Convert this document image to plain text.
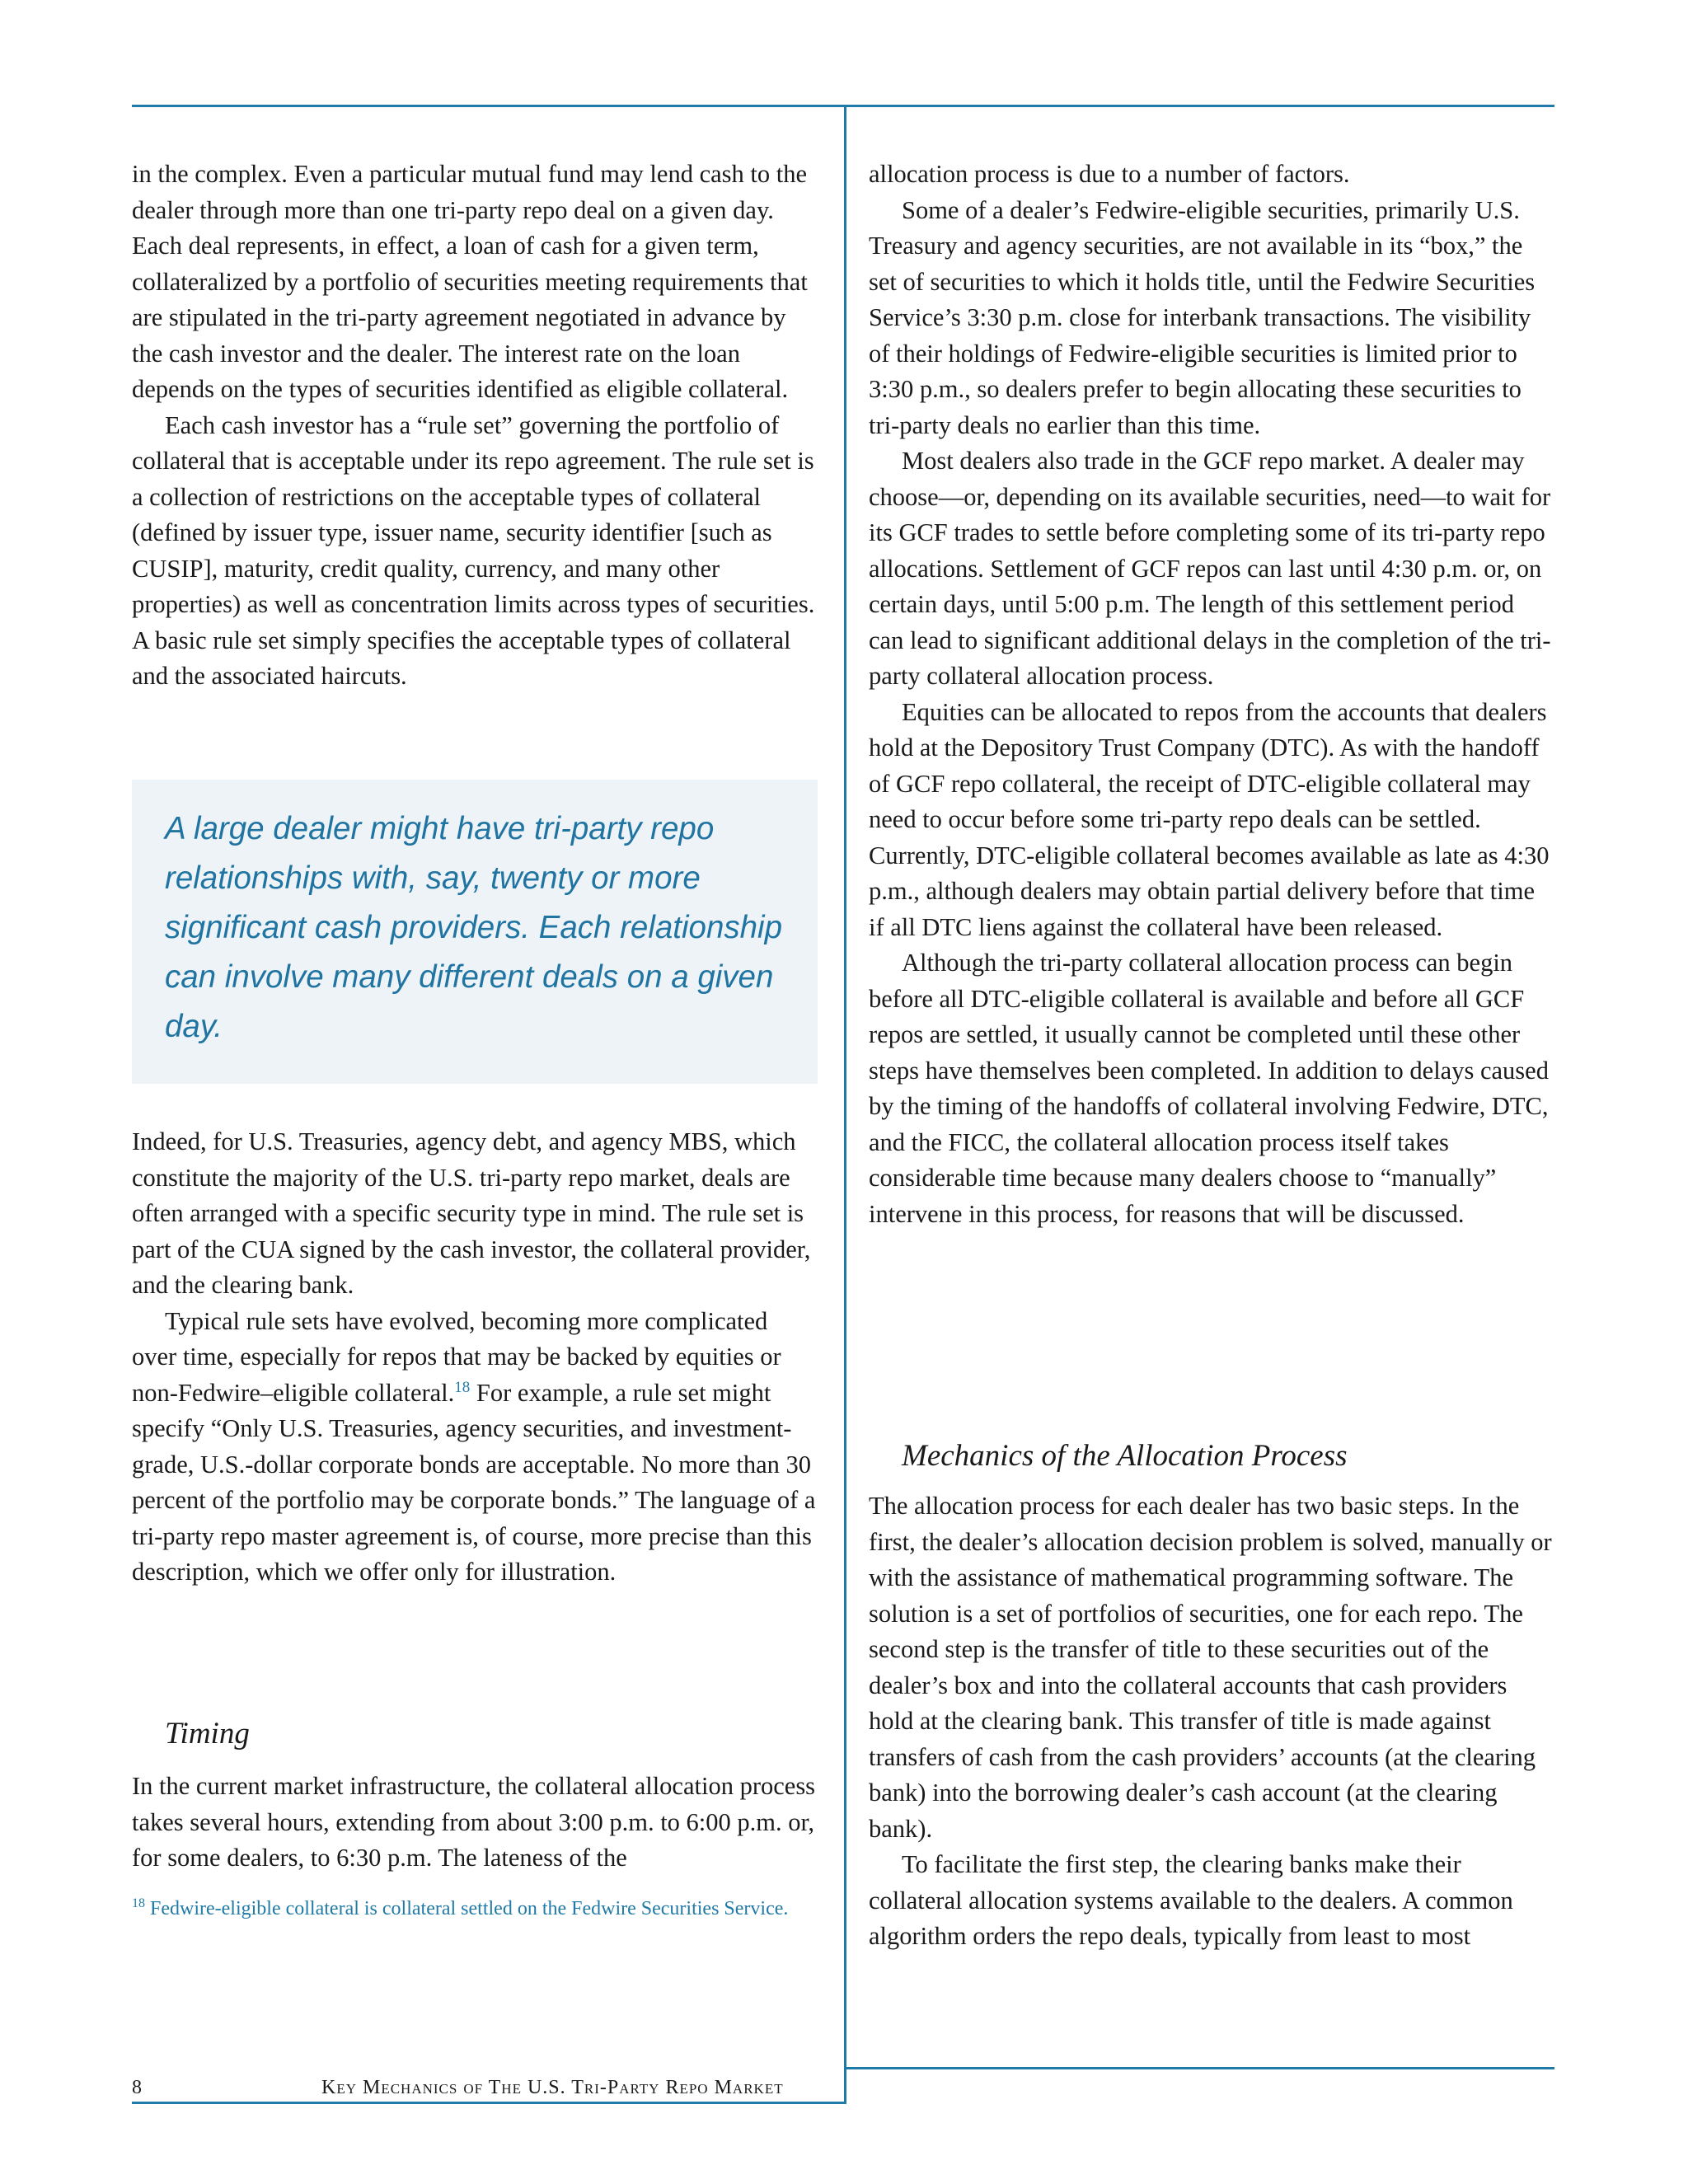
in the complex. Even a particular mutual fund may lend cash to the dealer through more than one tri-party repo deal on a given day. Each deal represents, in effect, a loan of cash for a given term, collateralized by a portfolio of securities meeting requirements that are stipulated in the tri-party agreement negotiated in advance by the cash investor and the dealer. The interest rate on the loan depends on the types of securities identified as eligible collateral.

Each cash investor has a “rule set” governing the portfolio of collateral that is acceptable under its repo agreement. The rule set is a collection of restrictions on the acceptable types of collateral (defined by issuer type, issuer name, security identifier [such as CUSIP], maturity, credit quality, currency, and many other properties) as well as concentration limits across types of securities. A basic rule set simply specifies the acceptable types of collateral and the associated haircuts.

A large dealer might have tri-party repo relationships with, say, twenty or more significant cash providers. Each relationship can involve many different deals on a given day.

Indeed, for U.S. Treasuries, agency debt, and agency MBS, which constitute the majority of the U.S. tri-party repo market, deals are often arranged with a specific security type in mind. The rule set is part of the CUA signed by the cash investor, the collateral provider, and the clearing bank.

Typical rule sets have evolved, becoming more complicated over time, especially for repos that may be backed by equities or non-Fedwire–eligible collateral.$^{18}$ For example, a rule set might specify “Only U.S. Treasuries, agency securities, and investment-grade, U.S.-dollar corporate bonds are acceptable. No more than 30 percent of the portfolio may be corporate bonds.” The language of a tri-party repo master agreement is, of course, more precise than this description, which we offer only for illustration.

Timing

In the current market infrastructure, the collateral allocation process takes several hours, extending from about 3:00 p.m. to 6:00 p.m. or, for some dealers, to 6:30 p.m. The lateness of the

$^{18}$ Fedwire-eligible collateral is collateral settled on the Fedwire Securities Service.

allocation process is due to a number of factors.

Some of a dealer’s Fedwire-eligible securities, primarily U.S. Treasury and agency securities, are not available in its “box,” the set of securities to which it holds title, until the Fedwire Securities Service’s 3:30 p.m. close for interbank transactions. The visibility of their holdings of Fedwire-eligible securities is limited prior to 3:30 p.m., so dealers prefer to begin allocating these securities to tri-party deals no earlier than this time.

Most dealers also trade in the GCF repo market. A dealer may choose—or, depending on its available securities, need—to wait for its GCF trades to settle before completing some of its tri-party repo allocations. Settlement of GCF repos can last until 4:30 p.m. or, on certain days, until 5:00 p.m. The length of this settlement period can lead to significant additional delays in the completion of the tri-party collateral allocation process.

Equities can be allocated to repos from the accounts that dealers hold at the Depository Trust Company (DTC). As with the handoff of GCF repo collateral, the receipt of DTC-eligible collateral may need to occur before some tri-party repo deals can be settled. Currently, DTC-eligible collateral becomes available as late as 4:30 p.m., although dealers may obtain partial delivery before that time if all DTC liens against the collateral have been released.

Although the tri-party collateral allocation process can begin before all DTC-eligible collateral is available and before all GCF repos are settled, it usually cannot be completed until these other steps have themselves been completed. In addition to delays caused by the timing of the handoffs of collateral involving Fedwire, DTC, and the FICC, the collateral allocation process itself takes considerable time because many dealers choose to “manually” intervene in this process, for reasons that will be discussed.

Mechanics of the Allocation Process

The allocation process for each dealer has two basic steps. In the first, the dealer’s allocation decision problem is solved, manually or with the assistance of mathematical programming software. The solution is a set of portfolios of securities, one for each repo. The second step is the transfer of title to these securities out of the dealer’s box and into the collateral accounts that cash providers hold at the clearing bank. This transfer of title is made against transfers of cash from the cash providers’ accounts (at the clearing bank) into the borrowing dealer’s cash account (at the clearing bank).

To facilitate the first step, the clearing banks make their collateral allocation systems available to the dealers. A common algorithm orders the repo deals, typically from least to most

8	Key Mechanics of The U.S. Tri-Party Repo Market
